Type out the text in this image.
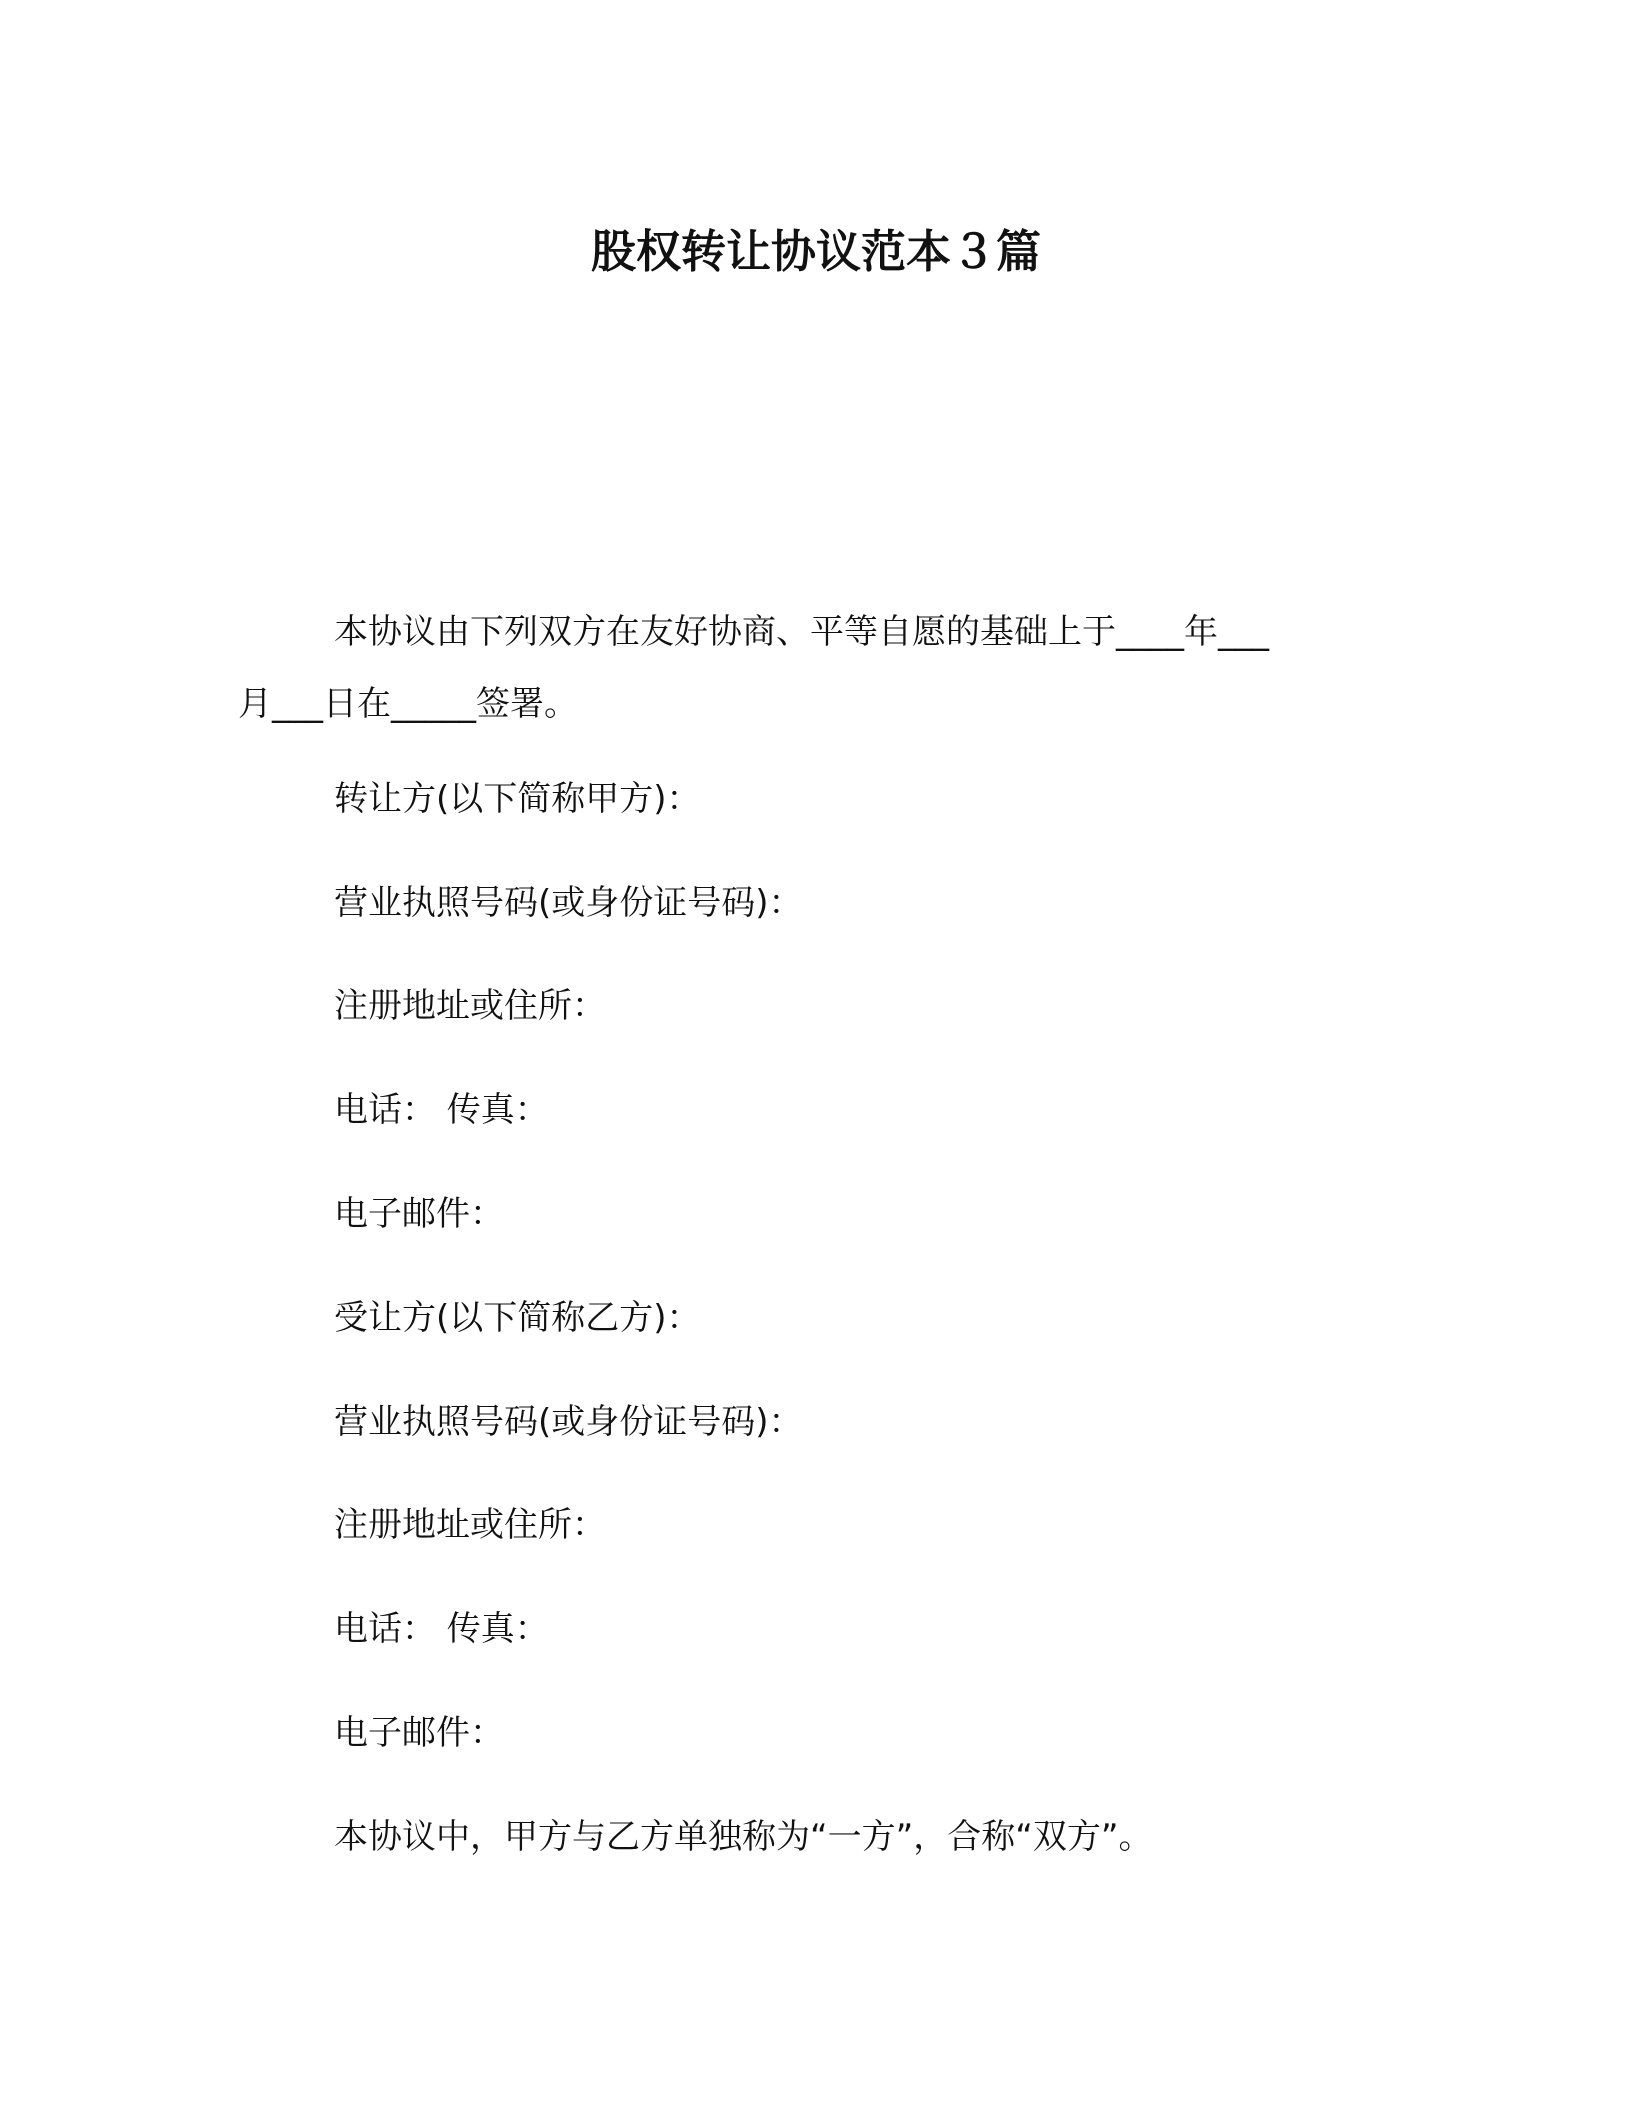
股权转让协议范本３篇
本协议由下列双方在友好协商、平等自愿的基础上于____年___
月___日在_____签署。
转让方(以下简称甲方)：
营业执照号码(或身份证号码)：
注册地址或住所：
电话： 传真：
电子邮件：
受让方(以下简称乙方)：
营业执照号码(或身份证号码)：
注册地址或住所：
电话： 传真：
电子邮件：
本协议中，甲方与乙方单独称为“一方”，合称“双方”。
